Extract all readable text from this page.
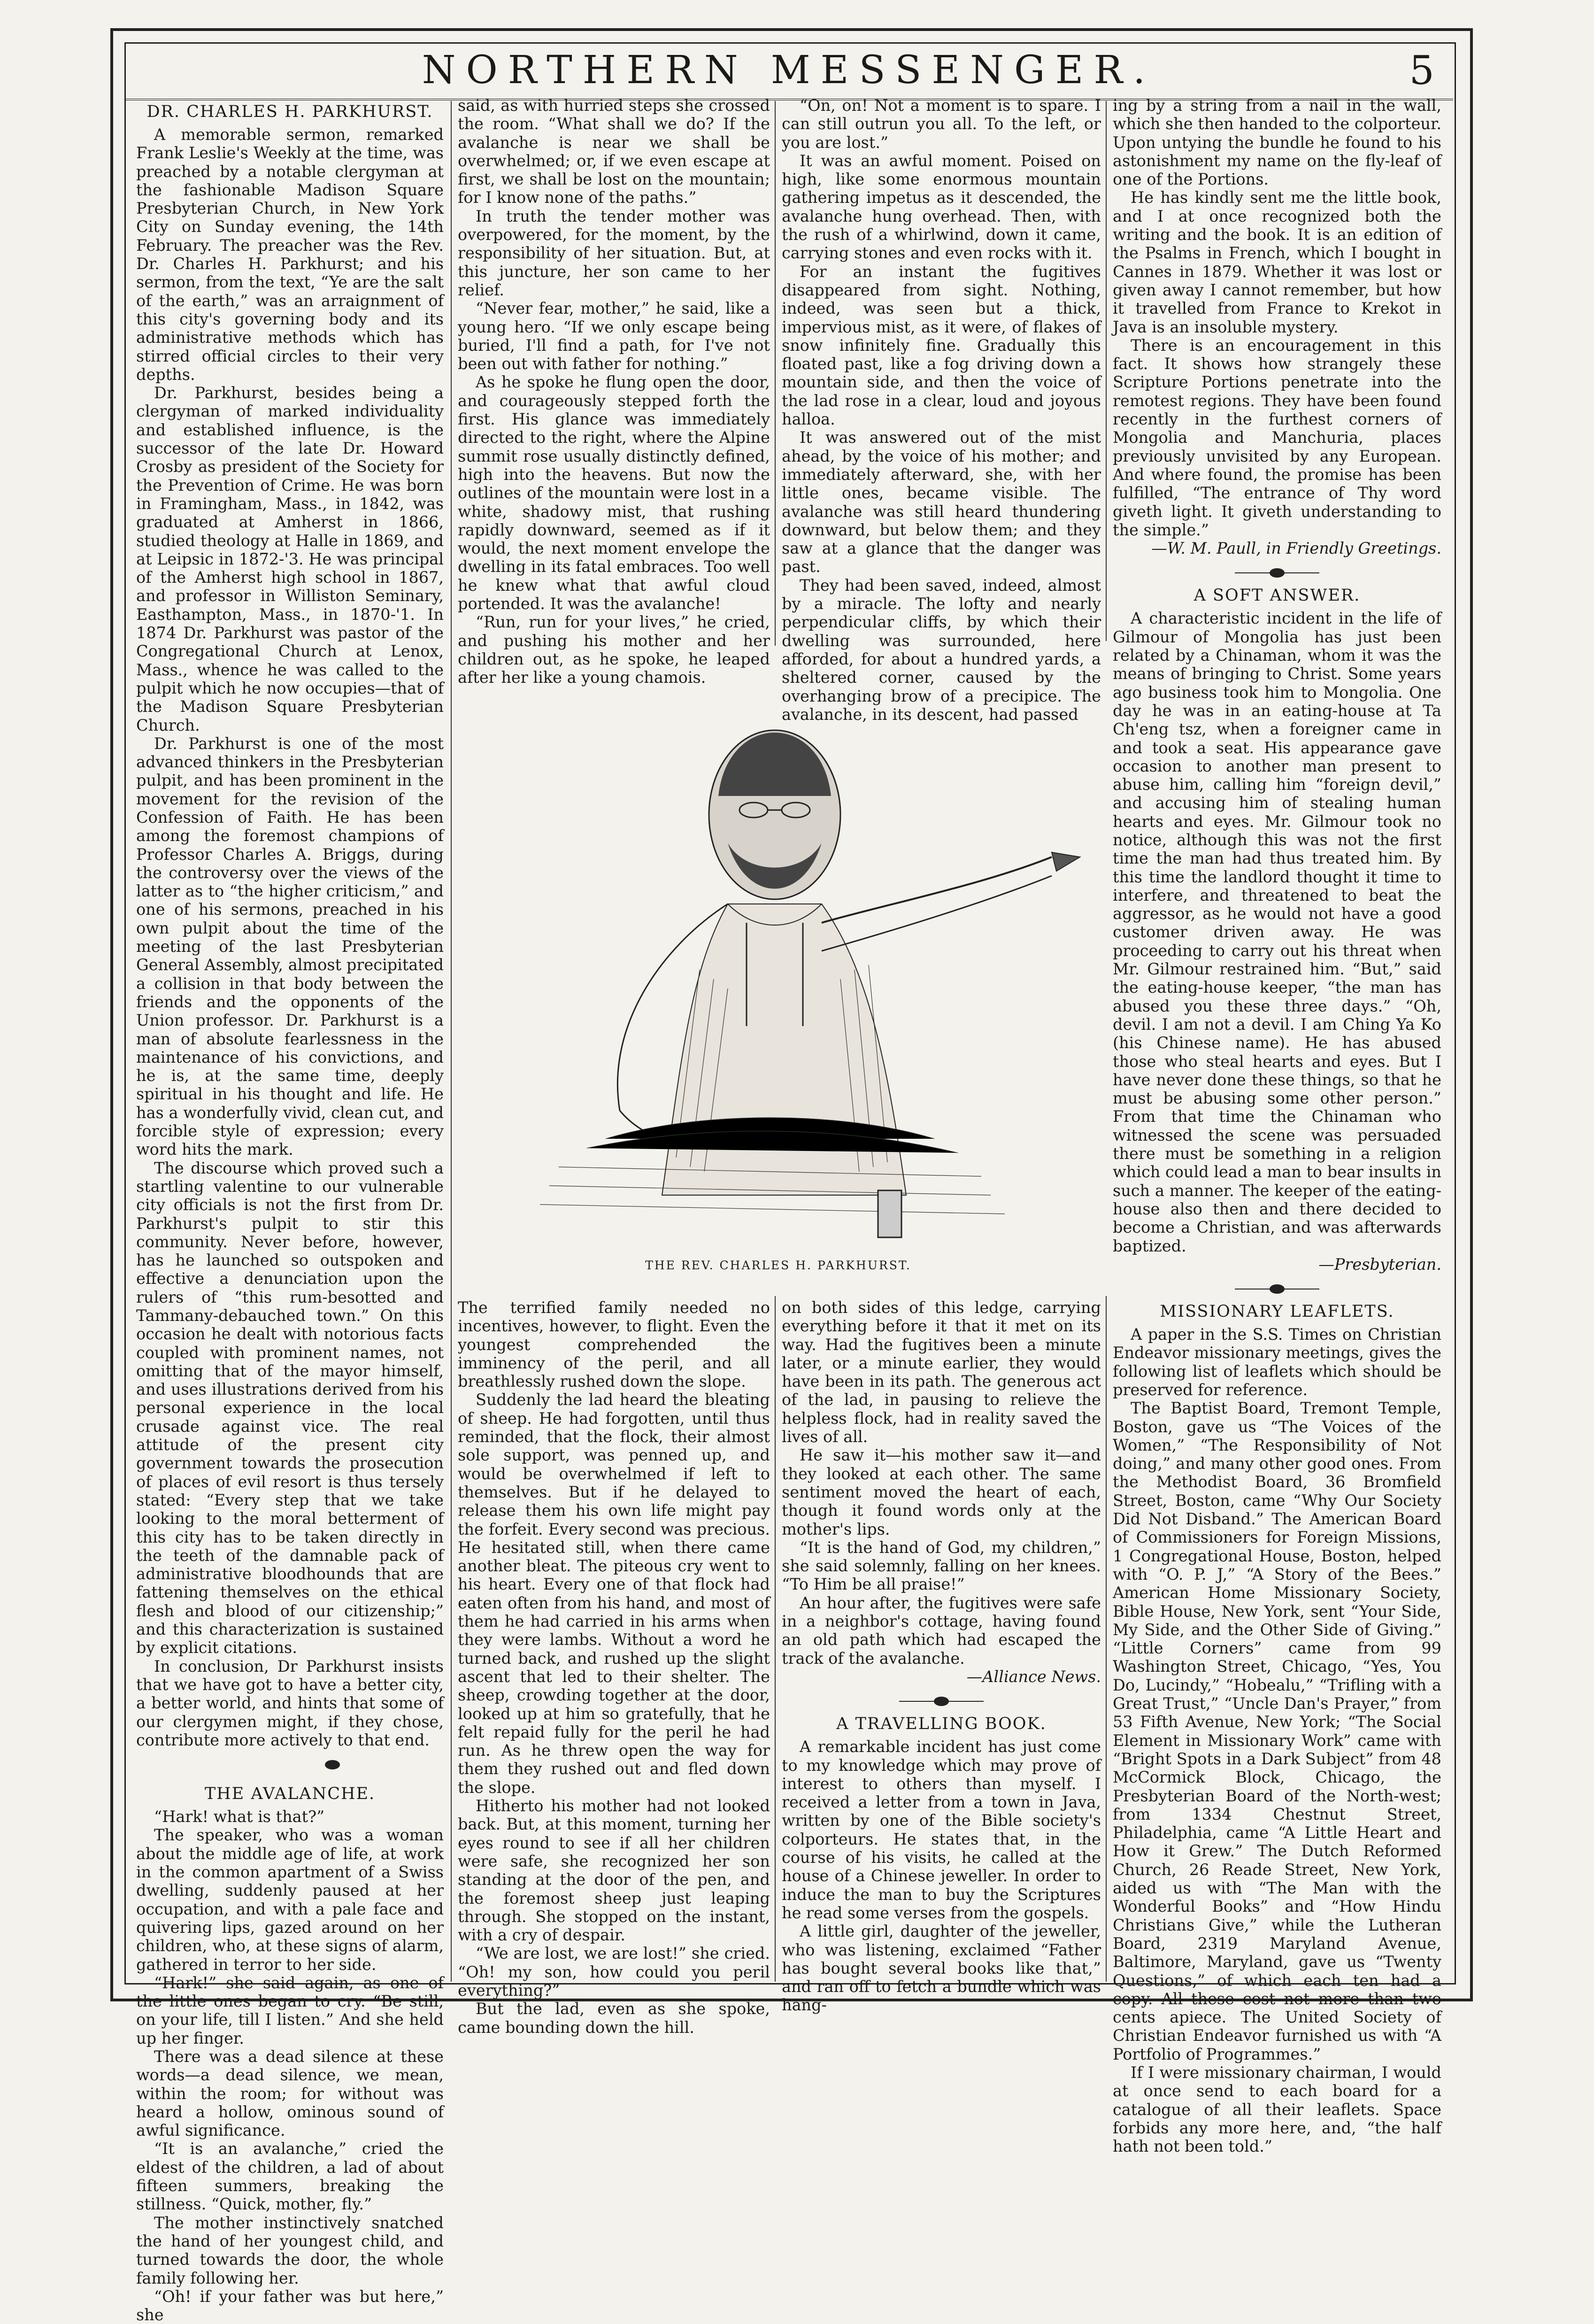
NORTHERN MESSENGER.	5
DR. CHARLES H. PARKHURST.

A memorable sermon, remarked Frank Leslie's Weekly at the time, was preached by a notable clergyman at the fashionable Madison Square Presbyterian Church, in New York City on Sunday evening, the 14th February. The preacher was the Rev. Dr. Charles H. Parkhurst; and his sermon, from the text, “Ye are the salt of the earth,” was an arraignment of this city's governing body and its administrative methods which has stirred official circles to their very depths.

Dr. Parkhurst, besides being a clergyman of marked individuality and established influence, is the successor of the late Dr. Howard Crosby as president of the Society for the Prevention of Crime. He was born in Framingham, Mass., in 1842, was graduated at Amherst in 1866, studied theology at Halle in 1869, and at Leipsic in 1872-'3. He was principal of the Amherst high school in 1867, and professor in Williston Seminary, Easthampton, Mass., in 1870-'1. In 1874 Dr. Parkhurst was pastor of the Congregational Church at Lenox, Mass., whence he was called to the pulpit which he now occupies—that of the Madison Square Presbyterian Church.

Dr. Parkhurst is one of the most advanced thinkers in the Presbyterian pulpit, and has been prominent in the movement for the revision of the Confession of Faith. He has been among the foremost champions of Professor Charles A. Briggs, during the controversy over the views of the latter as to “the higher criticism,” and one of his sermons, preached in his own pulpit about the time of the meeting of the last Presbyterian General Assembly, almost precipitated a collision in that body between the friends and the opponents of the Union professor. Dr. Parkhurst is a man of absolute fearlessness in the maintenance of his convictions, and he is, at the same time, deeply spiritual in his thought and life. He has a wonderfully vivid, clean cut, and forcible style of expression; every word hits the mark.

The discourse which proved such a startling valentine to our vulnerable city officials is not the first from Dr. Parkhurst's pulpit to stir this community. Never before, however, has he launched so outspoken and effective a denunciation upon the rulers of “this rum-besotted and Tammany-debauched town.” On this occasion he dealt with notorious facts coupled with prominent names, not omitting that of the mayor himself, and uses illustrations derived from his personal experience in the local crusade against vice. The real attitude of the present city government towards the prosecution of places of evil resort is thus tersely stated: “Every step that we take looking to the moral betterment of this city has to be taken directly in the teeth of the damnable pack of administrative bloodhounds that are fattening themselves on the ethical flesh and blood of our citizenship;” and this characterization is sustained by explicit citations.

In conclusion, Dr Parkhurst insists that we have got to have a better city, a better world, and hints that some of our clergymen might, if they chose, contribute more actively to that end.

THE AVALANCHE.

“Hark! what is that?”

The speaker, who was a woman about the middle age of life, at work in the common apartment of a Swiss dwelling, suddenly paused at her occupation, and with a pale face and quivering lips, gazed around on her children, who, at these signs of alarm, gathered in terror to her side.

“Hark!” she said again, as one of the little ones began to cry. “Be still, on your life, till I listen.” And she held up her finger.

There was a dead silence at these words—a dead silence, we mean, within the room; for without was heard a hollow, ominous sound of awful significance.

“It is an avalanche,” cried the eldest of the children, a lad of about fifteen summers, breaking the stillness. “Quick, mother, fly.”

The mother instinctively snatched the hand of her youngest child, and turned towards the door, the whole family following her.

“Oh! if your father was but here,” she

said, as with hurried steps she crossed the room. “What shall we do? If the avalanche is near we shall be overwhelmed; or, if we even escape at first, we shall be lost on the mountain; for I know none of the paths.”

In truth the tender mother was overpowered, for the moment, by the responsibility of her situation. But, at this juncture, her son came to her relief.

“Never fear, mother,” he said, like a young hero. “If we only escape being buried, I'll find a path, for I've not been out with father for nothing.”

As he spoke he flung open the door, and courageously stepped forth the first. His glance was immediately directed to the right, where the Alpine summit rose usually distinctly defined, high into the heavens. But now the outlines of the mountain were lost in a white, shadowy mist, that rushing rapidly downward, seemed as if it would, the next moment envelope the dwelling in its fatal embraces. Too well he knew what that awful cloud portended. It was the avalanche!

“Run, run for your lives,” he cried, and pushing his mother and her children out, as he spoke, he leaped after her like a young chamois.

“On, on! Not a moment is to spare. I can still outrun you all. To the left, or you are lost.”

It was an awful moment. Poised on high, like some enormous mountain gathering impetus as it descended, the avalanche hung overhead. Then, with the rush of a whirlwind, down it came, carrying stones and even rocks with it.

For an instant the fugitives disappeared from sight. Nothing, indeed, was seen but a thick, impervious mist, as it were, of flakes of snow infinitely fine. Gradually this floated past, like a fog driving down a mountain side, and then the voice of the lad rose in a clear, loud and joyous halloa.

It was answered out of the mist ahead, by the voice of his mother; and immediately afterward, she, with her little ones, became visible. The avalanche was still heard thundering downward, but below them; and they saw at a glance that the danger was past.

They had been saved, indeed, almost by a miracle. The lofty and nearly perpendicular cliffs, by which their dwelling was surrounded, here afforded, for about a hundred yards, a sheltered corner, caused by the overhanging brow of a precipice. The avalanche, in its descent, had passed

THE REV. CHARLES H. PARKHURST.

The terrified family needed no incentives, however, to flight. Even the youngest comprehended the imminency of the peril, and all breathlessly rushed down the slope.

Suddenly the lad heard the bleating of sheep. He had forgotten, until thus reminded, that the flock, their almost sole support, was penned up, and would be overwhelmed if left to themselves. But if he delayed to release them his own life might pay the forfeit. Every second was precious. He hesitated still, when there came another bleat. The piteous cry went to his heart. Every one of that flock had eaten often from his hand, and most of them he had carried in his arms when they were lambs. Without a word he turned back, and rushed up the slight ascent that led to their shelter. The sheep, crowding together at the door, looked up at him so gratefully, that he felt repaid fully for the peril he had run. As he threw open the way for them they rushed out and fled down the slope.

Hitherto his mother had not looked back. But, at this moment, turning her eyes round to see if all her children were safe, she recognized her son standing at the door of the pen, and the foremost sheep just leaping through. She stopped on the instant, with a cry of despair.

“We are lost, we are lost!” she cried. “Oh! my son, how could you peril everything?”

But the lad, even as she spoke, came bounding down the hill.

on both sides of this ledge, carrying everything before it that it met on its way. Had the fugitives been a minute later, or a minute earlier, they would have been in its path. The generous act of the lad, in pausing to relieve the helpless flock, had in reality saved the lives of all.

He saw it—his mother saw it—and they looked at each other. The same sentiment moved the heart of each, though it found words only at the mother's lips.

“It is the hand of God, my children,” she said solemnly, falling on her knees. “To Him be all praise!”

An hour after, the fugitives were safe in a neighbor's cottage, having found an old path which had escaped the track of the avalanche.

—Alliance News.

A TRAVELLING BOOK.

A remarkable incident has just come to my knowledge which may prove of interest to others than myself. I received a letter from a town in Java, written by one of the Bible society's colporteurs. He states that, in the course of his visits, he called at the house of a Chinese jeweller. In order to induce the man to buy the Scriptures he read some verses from the gospels.

A little girl, daughter of the jeweller, who was listening, exclaimed “Father has bought several books like that,” and ran off to fetch a bundle which was hang-

ing by a string from a nail in the wall, which she then handed to the colporteur. Upon untying the bundle he found to his astonishment my name on the fly-leaf of one of the Portions.

He has kindly sent me the little book, and I at once recognized both the writing and the book. It is an edition of the Psalms in French, which I bought in Cannes in 1879. Whether it was lost or given away I cannot remember, but how it travelled from France to Krekot in Java is an insoluble mystery.

There is an encouragement in this fact. It shows how strangely these Scripture Portions penetrate into the remotest regions. They have been found recently in the furthest corners of Mongolia and Manchuria, places previously unvisited by any European. And where found, the promise has been fulfilled, “The entrance of Thy word giveth light. It giveth understanding to the simple.”

—W. M. Paull, in Friendly Greetings.

A SOFT ANSWER.

A characteristic incident in the life of Gilmour of Mongolia has just been related by a Chinaman, whom it was the means of bringing to Christ. Some years ago business took him to Mongolia. One day he was in an eating-house at Ta Ch'eng tsz, when a foreigner came in and took a seat. His appearance gave occasion to another man present to abuse him, calling him “foreign devil,” and accusing him of stealing human hearts and eyes. Mr. Gilmour took no notice, although this was not the first time the man had thus treated him. By this time the landlord thought it time to interfere, and threatened to beat the aggressor, as he would not have a good customer driven away. He was proceeding to carry out his threat when Mr. Gilmour restrained him. “But,” said the eating-house keeper, “the man has abused you these three days.” “Oh, devil. I am not a devil. I am Ching Ya Ko (his Chinese name). He has abused those who steal hearts and eyes. But I have never done these things, so that he must be abusing some other person.” From that time the Chinaman who witnessed the scene was persuaded there must be something in a religion which could lead a man to bear insults in such a manner. The keeper of the eating-house also then and there decided to become a Christian, and was afterwards baptized.

—Presbyterian.

MISSIONARY LEAFLETS.

A paper in the S.S. Times on Christian Endeavor missionary meetings, gives the following list of leaflets which should be preserved for reference.

The Baptist Board, Tremont Temple, Boston, gave us “The Voices of the Women,” “The Responsibility of Not doing,” and many other good ones. From the Methodist Board, 36 Bromfield Street, Boston, came “Why Our Society Did Not Disband.” The American Board of Commissioners for Foreign Missions, 1 Congregational House, Boston, helped with “O. P. J,” “A Story of the Bees.” American Home Missionary Society, Bible House, New York, sent “Your Side, My Side, and the Other Side of Giving.” “Little Corners” came from 99 Washington Street, Chicago, “Yes, You Do, Lucindy,” “Hobealu,” “Trifling with a Great Trust,” “Uncle Dan's Prayer,” from 53 Fifth Avenue, New York; “The Social Element in Missionary Work” came with “Bright Spots in a Dark Subject” from 48 McCormick Block, Chicago, the Presbyterian Board of the North-west; from 1334 Chestnut Street, Philadelphia, came “A Little Heart and How it Grew.” The Dutch Reformed Church, 26 Reade Street, New York, aided us with “The Man with the Wonderful Books” and “How Hindu Christians Give,” while the Lutheran Board, 2319 Maryland Avenue, Baltimore, Maryland, gave us “Twenty Questions,” of which each ten had a copy. All these cost not more than two cents apiece. The United Society of Christian Endeavor furnished us with “A Portfolio of Programmes.”

If I were missionary chairman, I would at once send to each board for a catalogue of all their leaflets. Space forbids any more here, and, “the half hath not been told.”
